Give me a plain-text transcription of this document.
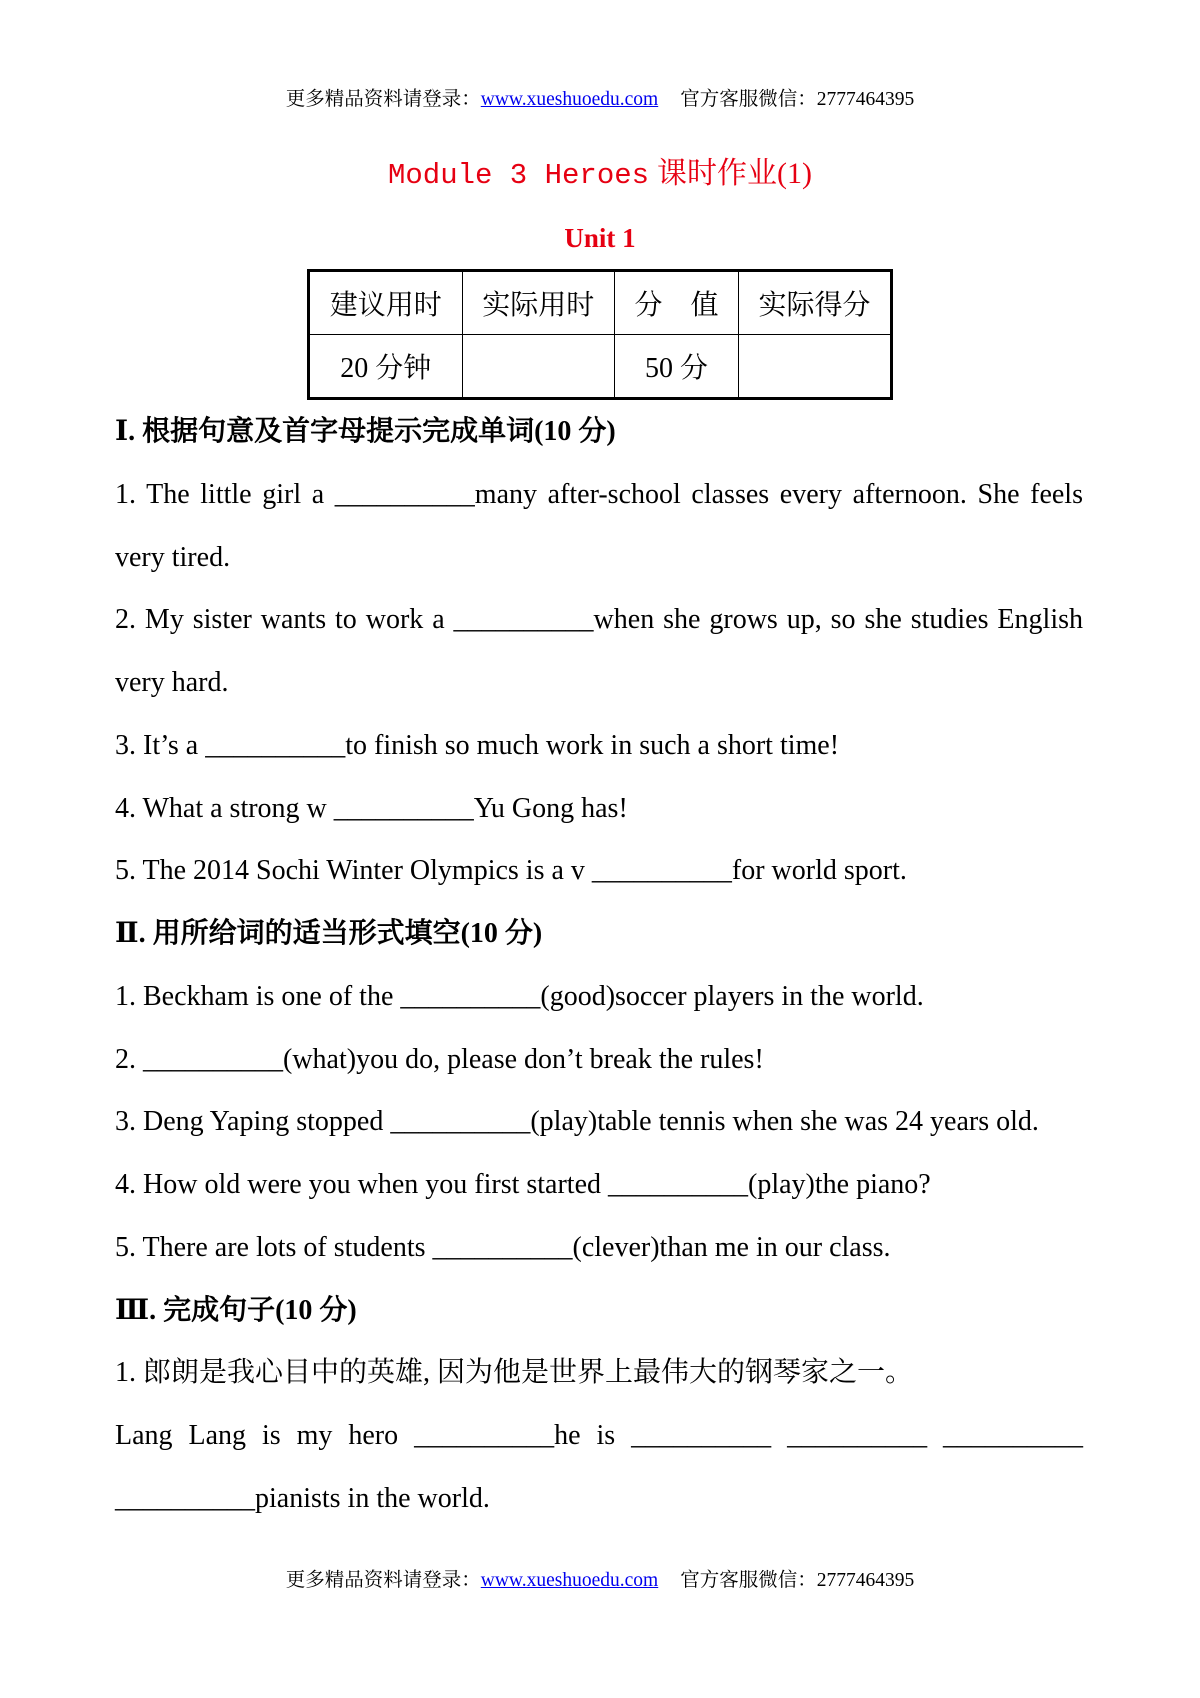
更多精品资料请登录：www.xueshuoedu.com 官方客服微信：2777464395
Module 3 Heroes 课时作业(1)
Unit 1
建议用时	实际用时	分　值	实际得分
20 分钟		50 分	
Ⅰ. 根据句意及首字母提示完成单词(10 分)
1. The little girl a __________many after-school classes every afternoon. She feels
very tired.
2. My sister wants to work a __________when she grows up, so she studies English
very hard.
3. It’s a __________to finish so much work in such a short time!
4. What a strong w __________Yu Gong has!
5. The 2014 Sochi Winter Olympics is a v __________for world sport.
Ⅱ. 用所给词的适当形式填空(10 分)
1. Beckham is one of the __________(good)soccer players in the world.
2. __________(what)you do, please don’t break the rules!
3. Deng Yaping stopped __________(play)table tennis when she was 24 years old.
4. How old were you when you first started __________(play)the piano?
5. There are lots of students __________(clever)than me in our class.
Ⅲ. 完成句子(10 分)
1. 郎朗是我心目中的英雄, 因为他是世界上最伟大的钢琴家之一。
Lang Lang is my hero __________he is __________ __________ __________
__________pianists in the world.
更多精品资料请登录：www.xueshuoedu.com 官方客服微信：2777464395
